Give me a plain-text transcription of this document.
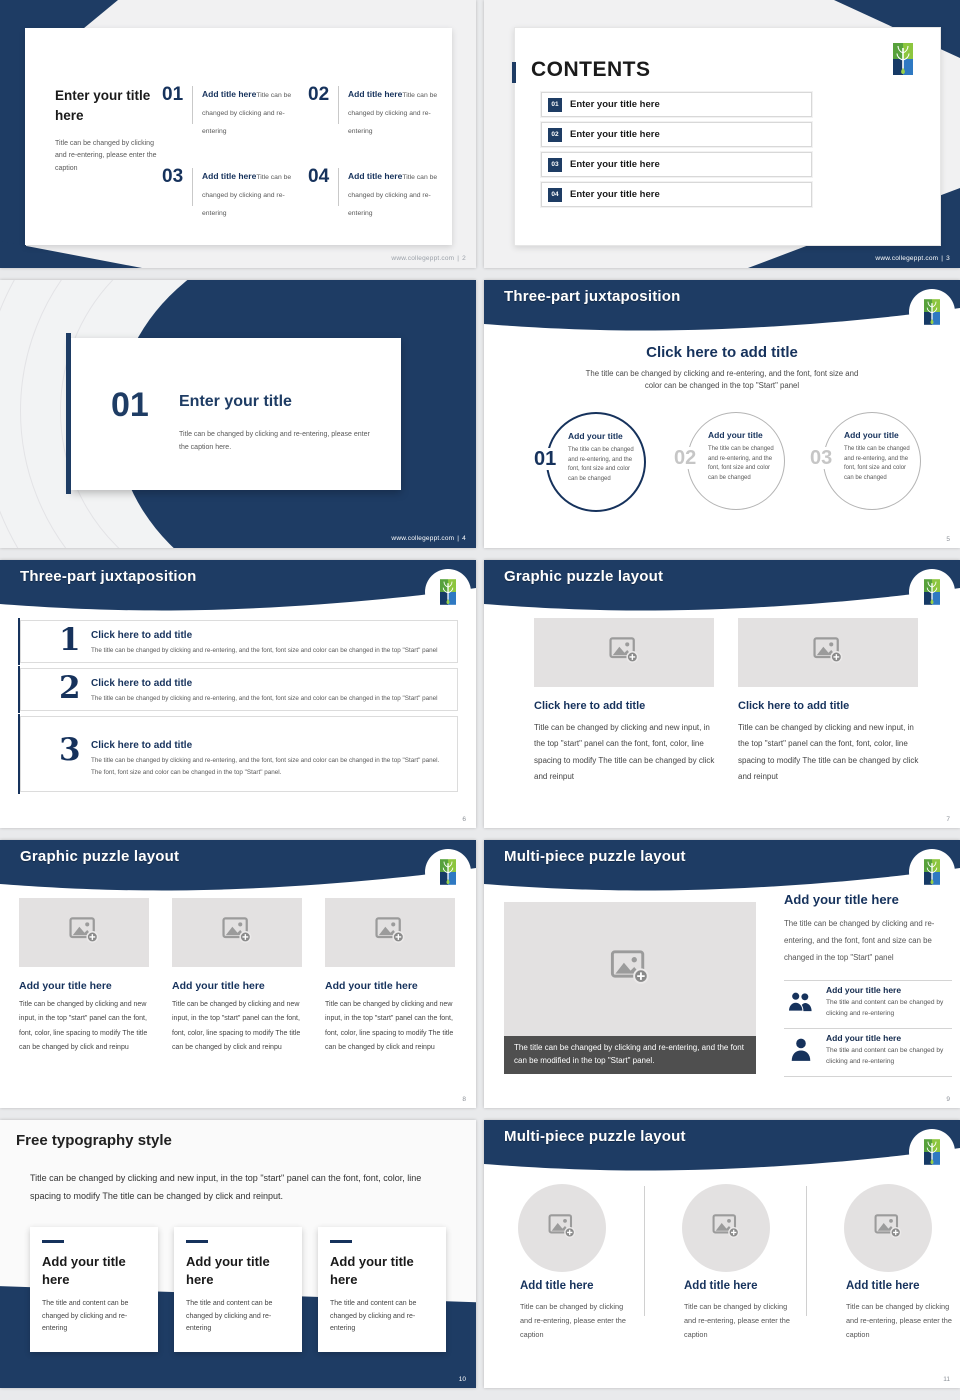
Enter your title here
Title can be changed by clicking and re-entering, please enter the caption
01 Add title hereTitle can be changed by clicking and re-entering
02 Add title hereTitle can be changed by clicking and re-entering
03 Add title hereTitle can be changed by clicking and re-entering
04 Add title hereTitle can be changed by clicking and re-entering
www.collegeppt.com | 2
CONTENTS
01	Enter your title here
02	Enter your title here
03	Enter your title here
04	Enter your title here
www.collegeppt.com | 3
01 Enter your title
Title can be changed by clicking and re-entering, please enter the caption here.
www.collegeppt.com | 4
Three-part juxtaposition
Click here to add title
The title can be changed by clicking and re-entering, and the font, font size and color can be changed in the top "Start" panel
01
Add your title
The title can be changed and re-entering, and the font, font size and color can be changed
02
Add your title
The title can be changed and re-entering, and the font, font size and color can be changed
03
Add your title
The title can be changed and re-entering, and the font, font size and color can be changed
5
Three-part juxtaposition
1 Click here to add title
The title can be changed by clicking and re-entering, and the font, font size and color can be changed in the top "Start" panel
2 Click here to add title
The title can be changed by clicking and re-entering, and the font, font size and color can be changed in the top "Start" panel
3 Click here to add title
The title can be changed by clicking and re-entering, and the font, font size and color can be changed in the top "Start" panel. The font, font size and color can be changed in the top "Start" panel.
6
Graphic puzzle layout
Click here to add title	Click here to add title
Title can be changed by clicking and new input, in the top "start" panel can the font, font, color, line spacing to modify The title can be changed by click and reinput
Title can be changed by clicking and new input, in the top "start" panel can the font, font, color, line spacing to modify The title can be changed by click and reinput
7
Graphic puzzle layout
Add your title here	Add your title here	Add your title here
Title can be changed by clicking and new input, in the top "start" panel can the font, font, color, line spacing to modify The title can be changed by click and reinpu
Title can be changed by clicking and new input, in the top "start" panel can the font, font, color, line spacing to modify The title can be changed by click and reinpu
Title can be changed by clicking and new input, in the top "start" panel can the font, font, color, line spacing to modify The title can be changed by click and reinpu
8
Multi-piece puzzle layout
The title can be changed by clicking and re-entering, and the font can be modified in the top "Start" panel.
Add your title here
The title can be changed by clicking and re-entering, and the font, font and size can be changed in the top "Start" panel
Add your title here
The title and content can be changed by clicking and re-entering
Add your title here
The title and content can be changed by clicking and re-entering
9
Free typography style
Title can be changed by clicking and new input, in the top "start" panel can the font, font, color, line spacing to modify The title can be changed by click and reinput.
Add your title here
The title and content can be changed by clicking and re-entering
Add your title here
The title and content can be changed by clicking and re-entering
Add your title here
The title and content can be changed by clicking and re-entering
10
Multi-piece puzzle layout
Add title here	Add title here	Add title here
Title can be changed by clicking and re-entering, please enter the caption
Title can be changed by clicking and re-entering, please enter the caption
Title can be changed by clicking and re-entering, please enter the caption
11
